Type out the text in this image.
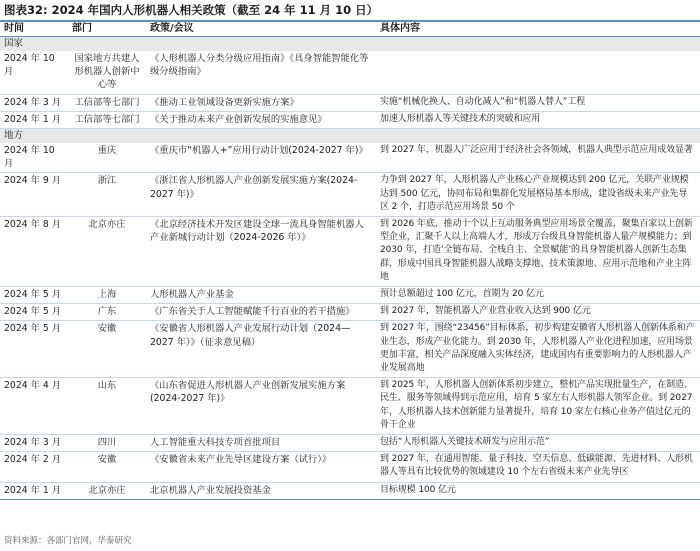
图表32: 2024 年国内人形机器人相关政策（截至 24 年 11 月 10 日）
时间	部门	政策/会议	具体内容
国家			
2024 年 10 月	国家地方共建人形机器人创新中心等	《人形机器人分类分级应用指南》《具身智能智能化等级分级指南》	
2024 年 3 月	工信部等七部门	《推动工业领域设备更新实施方案》	实施“机械化换人、自动化减人”和“机器人替人”工程
2024 年 1 月	工信部等七部门	《关于推动未来产业创新发展的实施意见》	加速人形机器人等关键技术的突破和应用
地方			
2024 年 10 月	重庆	《重庆市“机器人+”应用行动计划(2024-2027 年)》	到 2027 年，机器人广泛应用于经济社会各领域，机器人典型示范应用成效显著
2024 年 9 月	浙江	《浙江省人形机器人产业创新发展实施方案(2024-2027 年)》	力争到 2027 年，人形机器人产业核心产业规模达到 200 亿元，关联产业规模达到 500 亿元，协同布局和集群化发展格局基本形成，建设省级未来产业先导区 2 个，打造示范应用场景 50 个
2024 年 8 月	北京亦庄	《北京经济技术开发区建设全球一流具身智能机器人产业新城行动计划（2024-2026 年）》	到 2026 年底，推动十个以上互动服务典型应用场景全覆盖，聚集百家以上创新型企业，汇聚千人以上高端人才，形成万台级具身智能机器人量产规模能力；到 2030 年，打造‘全链布局、全栈自主、全景赋能’的具身智能机器人创新生态集群，形成中国具身智能机器人战略支撑地、技术策源地、应用示范地和产业主阵地
2024 年 5 月	上海	人形机器人产业基金	预计总额超过 100 亿元，首期为 20 亿元
2024 年 5 月	广东	《广东省关于人工智能赋能千行百业的若干措施》	到 2027 年，智能机器人产业营业收入达到 900 亿元
2024 年 5 月	安徽	《安徽省人形机器人产业发展行动计划（2024—2027 年）》（征求意见稿）	到 2027 年，围绕“23456”目标体系，初步构建安徽省人形机器人创新体系和产业生态，形成产业化能力。到 2030 年，人形机器人产业化进程加速，应用场景更加丰富，相关产品深度融入实体经济，建成国内有重要影响力的人形机器人产业发展高地
2024 年 4 月	山东	《山东省促进人形机器人产业创新发展实施方案(2024-2027 年)》	到 2025 年，人形机器人创新体系初步建立，整机产品实现批量生产，在制造、民生、服务等领域得到示范应用，培育 5 家左右人形机器人领军企业。到 2027 年，人形机器人技术创新能力显著提升，培育 10 家左右核心业务产值过亿元的骨干企业
2024 年 3 月	四川	人工智能重大科技专项首批项目	包括“人形机器人关键技术研发与应用示范”
2024 年 2 月	安徽	《安徽省未来产业先导区建设方案（试行）》	到 2027 年，在通用智能、量子科技、空天信息、低碳能源、先进材料、人形机器人等具有比较优势的领域建设 10 个左右省级未来产业先导区
2024 年 1 月	北京亦庄	北京机器人产业发展投资基金	目标规模 100 亿元
资料来源：各部门官网，华泰研究
